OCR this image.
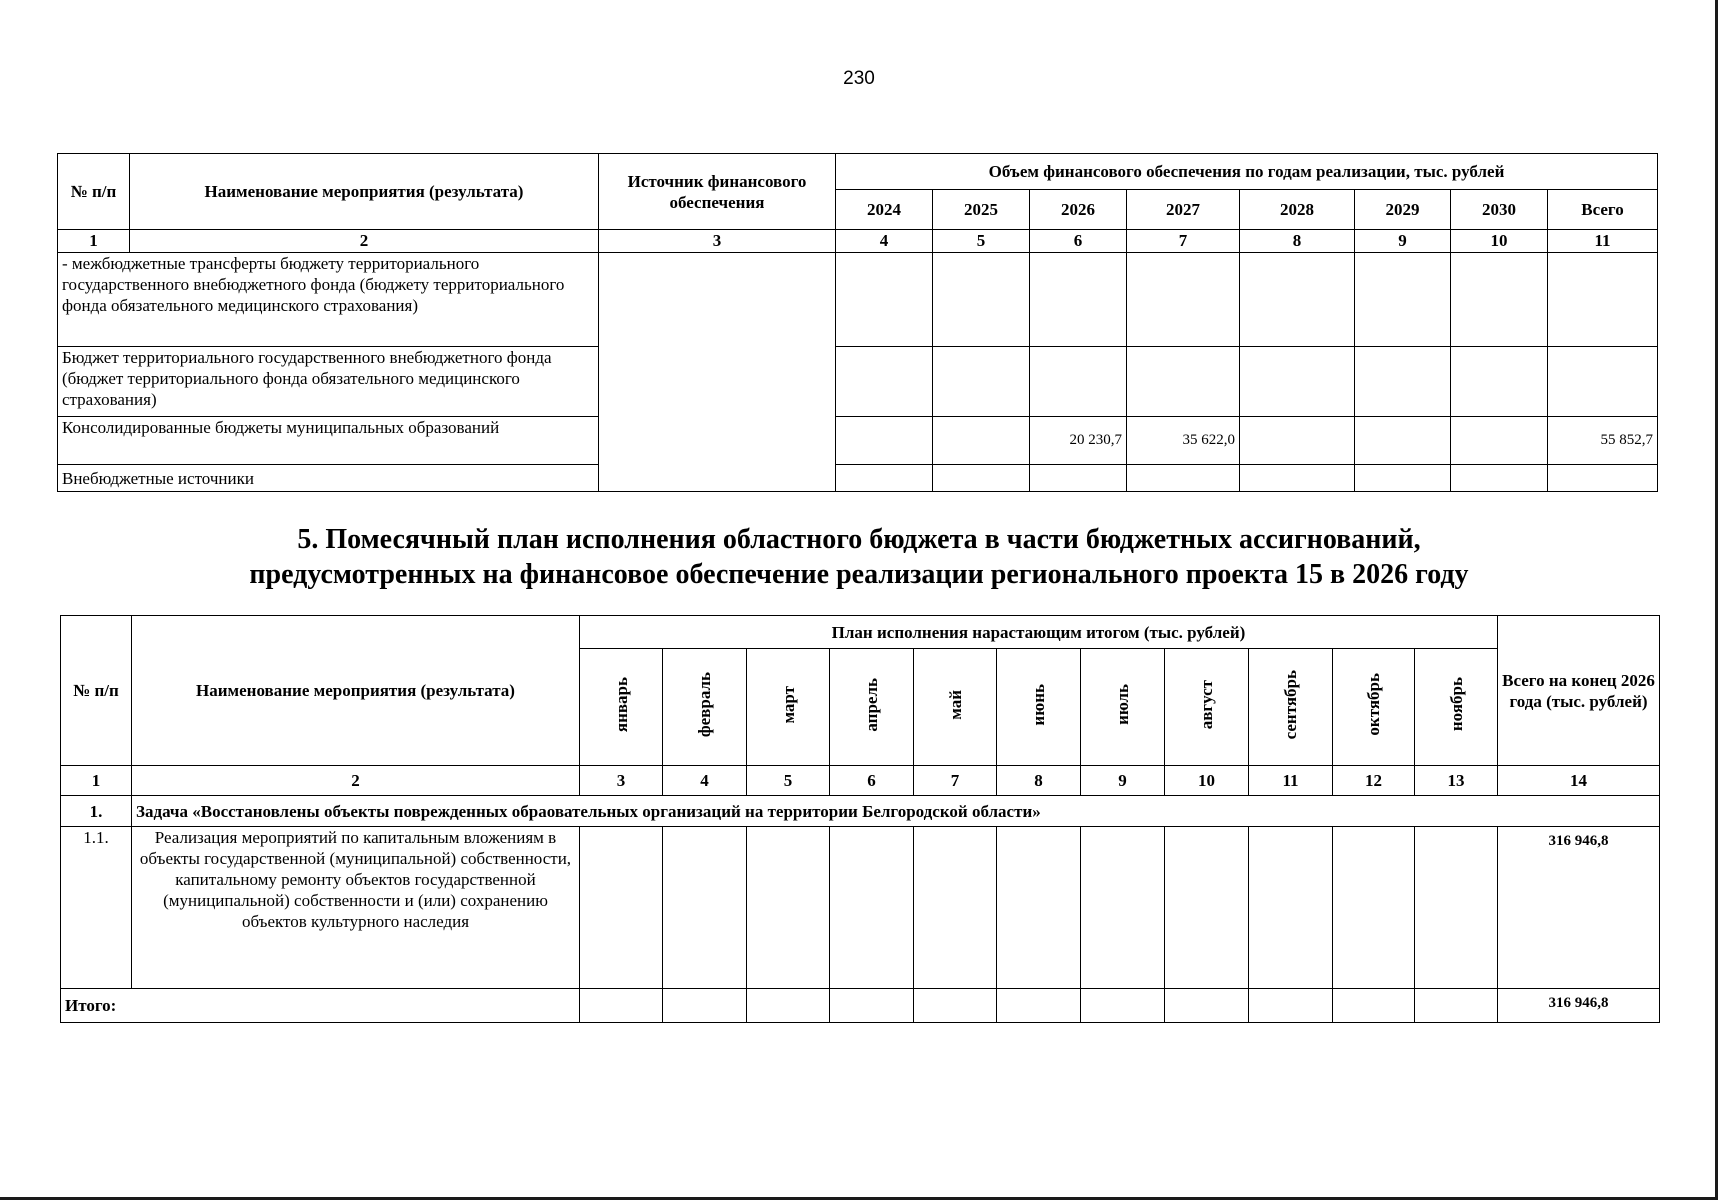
230
№ п/п	Наименование мероприятия (результата)	Источник финансового обеспечения	Объем финансового обеспечения по годам реализации, тыс. рублей							
			2024	2025	2026	2027	2028	2029	2030	Всего
1	2	3	4	5	6	7	8	9	10	11
- межбюджетные трансферты бюджету территориального государственного внебюджетного фонда (бюджету территориального фонда обязательного медицинского страхования)										
Бюджет территориального государственного внебюджетного фонда (бюджет территориального фонда обязательного медицинского страхования)										
Консолидированные бюджеты муниципальных образований					20 230,7	35 622,0				55 852,7
Внебюджетные источники										
5. Помесячный план исполнения областного бюджета в части бюджетных ассигнований,
предусмотренных на финансовое обеспечение реализации регионального проекта 15 в 2026 году
№ п/п	Наименование мероприятия (результата)	План исполнения нарастающим итогом (тыс. рублей)											Всего на конец 2026 года (тыс. рублей)
		январь	февраль	март	апрель	май	июнь	июль	август	сентябрь	октябрь	ноябрь	
1	2	3	4	5	6	7	8	9	10	11	12	13	14
1.	Задача «Восстановлены объекты поврежденных обраовательных организаций на территории Белгородской области»												
1.1.	Реализация мероприятий по капитальным вложениям в объекты государственной (муниципальной) собственности, капитальному ремонту объектов государственной (муниципальной) собственности и (или) сохранению объектов культурного наследия												316 946,8
Итого:													316 946,8
